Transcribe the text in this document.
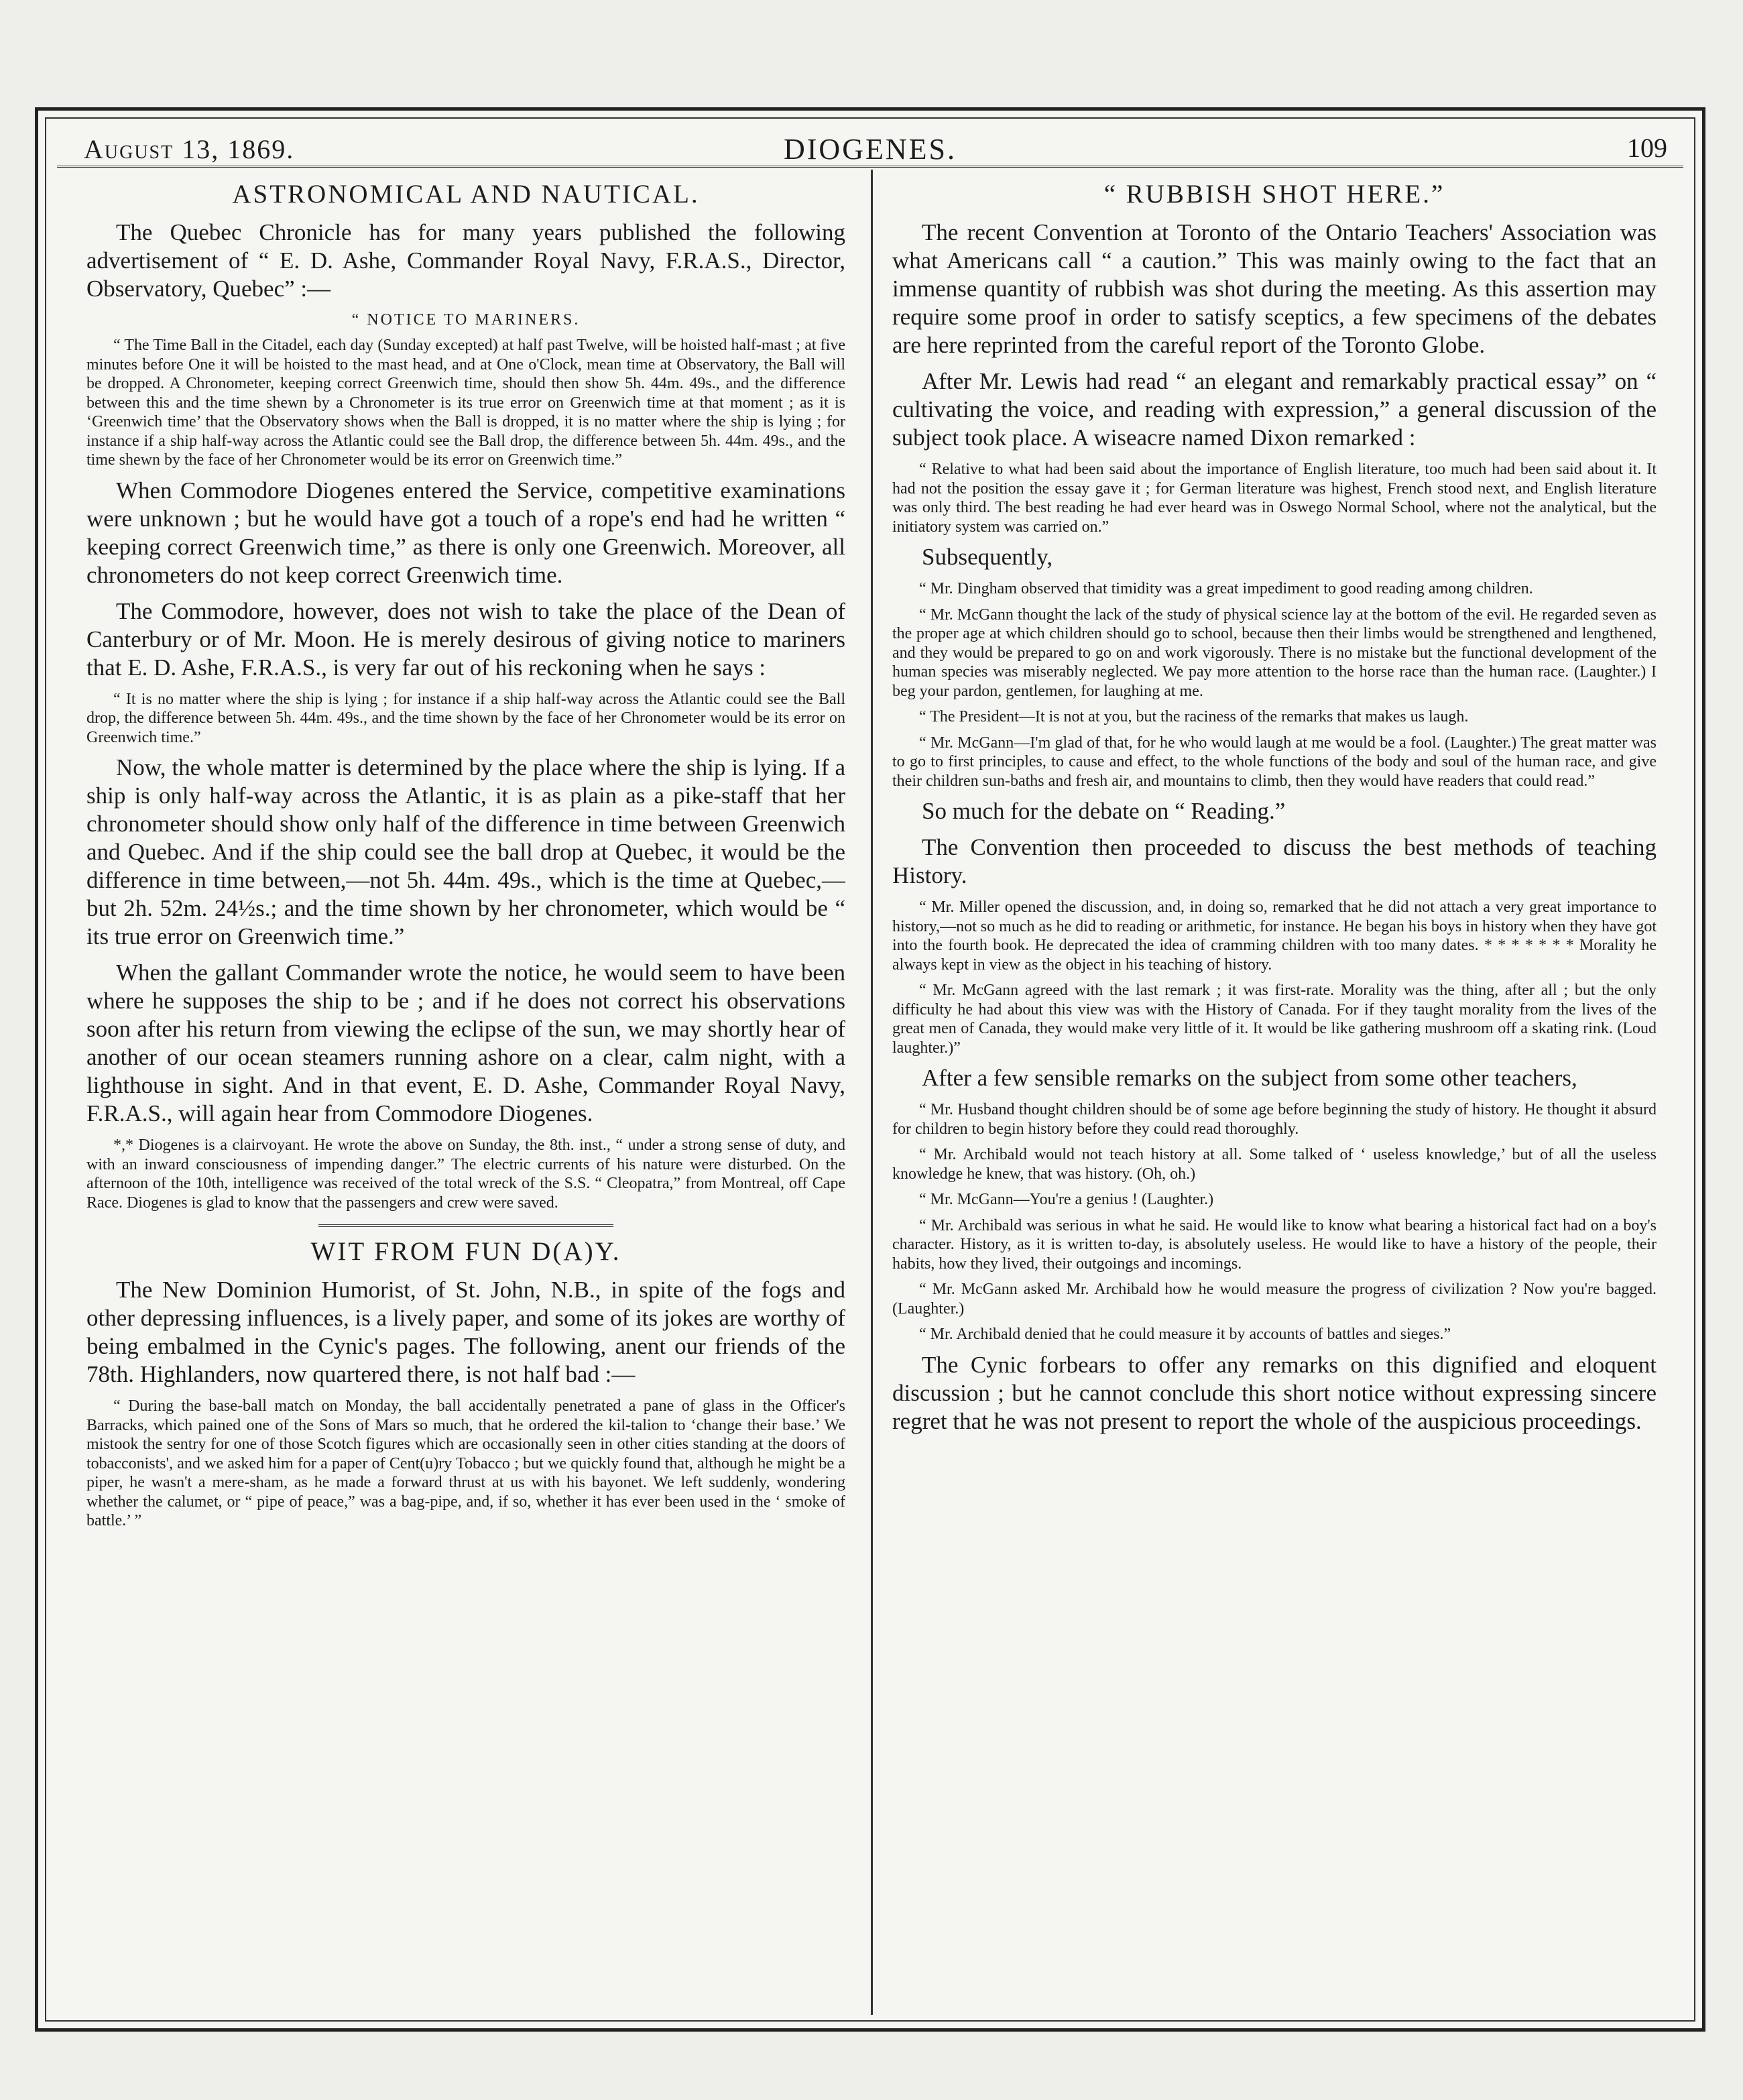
August 13, 1869.	DIOGENES.	109
ASTRONOMICAL AND NAUTICAL.

The Quebec Chronicle has for many years published the following advertisement of “ E. D. Ashe, Commander Royal Navy, F.R.A.S., Director, Observatory, Quebec” :—

“ NOTICE TO MARINERS.

“ The Time Ball in the Citadel, each day (Sunday excepted) at half past Twelve, will be hoisted half-mast ; at five minutes before One it will be hoisted to the mast head, and at One o'Clock, mean time at Observatory, the Ball will be dropped. A Chronometer, keeping correct Greenwich time, should then show 5h. 44m. 49s., and the difference between this and the time shewn by a Chronometer is its true error on Greenwich time at that moment ; as it is ‘Greenwich time’ that the Observatory shows when the Ball is dropped, it is no matter where the ship is lying ; for instance if a ship half-way across the Atlantic could see the Ball drop, the difference between 5h. 44m. 49s., and the time shewn by the face of her Chronometer would be its error on Greenwich time.”

When Commodore Diogenes entered the Service, competitive examinations were unknown ; but he would have got a touch of a rope's end had he written “ keeping correct Greenwich time,” as there is only one Greenwich. Moreover, all chronometers do not keep correct Greenwich time.

The Commodore, however, does not wish to take the place of the Dean of Canterbury or of Mr. Moon. He is merely desirous of giving notice to mariners that E. D. Ashe, F.R.A.S., is very far out of his reckoning when he says :

“ It is no matter where the ship is lying ; for instance if a ship half-way across the Atlantic could see the Ball drop, the difference between 5h. 44m. 49s., and the time shown by the face of her Chronometer would be its error on Greenwich time.”

Now, the whole matter is determined by the place where the ship is lying. If a ship is only half-way across the Atlantic, it is as plain as a pike-staff that her chronometer should show only half of the difference in time between Greenwich and Quebec. And if the ship could see the ball drop at Quebec, it would be the difference in time between,—not 5h. 44m. 49s., which is the time at Quebec,—but 2h. 52m. 24½s.; and the time shown by her chronometer, which would be “ its true error on Greenwich time.”

When the gallant Commander wrote the notice, he would seem to have been where he supposes the ship to be ; and if he does not correct his observations soon after his return from viewing the eclipse of the sun, we may shortly hear of another of our ocean steamers running ashore on a clear, calm night, with a lighthouse in sight. And in that event, E. D. Ashe, Commander Royal Navy, F.R.A.S., will again hear from Commodore Diogenes.

*,* Diogenes is a clairvoyant. He wrote the above on Sunday, the 8th. inst., “ under a strong sense of duty, and with an inward consciousness of impending danger.” The electric currents of his nature were disturbed. On the afternoon of the 10th, intelligence was received of the total wreck of the S.S. “ Cleopatra,” from Montreal, off Cape Race. Diogenes is glad to know that the passengers and crew were saved.

WIT FROM FUN D(A)Y.

The New Dominion Humorist, of St. John, N.B., in spite of the fogs and other depressing influences, is a lively paper, and some of its jokes are worthy of being embalmed in the Cynic's pages. The following, anent our friends of the 78th. Highlanders, now quartered there, is not half bad :—

“ During the base-ball match on Monday, the ball accidentally penetrated a pane of glass in the Officer's Barracks, which pained one of the Sons of Mars so much, that he ordered the kil-talion to ‘change their base.’ We mistook the sentry for one of those Scotch figures which are occasionally seen in other cities standing at the doors of tobacconists', and we asked him for a paper of Cent(u)ry Tobacco ; but we quickly found that, although he might be a piper, he wasn't a mere-sham, as he made a forward thrust at us with his bayonet. We left suddenly, wondering whether the calumet, or “ pipe of peace,” was a bag-pipe, and, if so, whether it has ever been used in the ‘ smoke of battle.’ ”

“ RUBBISH SHOT HERE.”

The recent Convention at Toronto of the Ontario Teachers' Association was what Americans call “ a caution.” This was mainly owing to the fact that an immense quantity of rubbish was shot during the meeting. As this assertion may require some proof in order to satisfy sceptics, a few specimens of the debates are here reprinted from the careful report of the Toronto Globe.

After Mr. Lewis had read “ an elegant and remarkably practical essay” on “ cultivating the voice, and reading with expression,” a general discussion of the subject took place. A wiseacre named Dixon remarked :

“ Relative to what had been said about the importance of English literature, too much had been said about it. It had not the position the essay gave it ; for German literature was highest, French stood next, and English literature was only third. The best reading he had ever heard was in Oswego Normal School, where not the analytical, but the initiatory system was carried on.”

Subsequently,

“ Mr. Dingham observed that timidity was a great impediment to good reading among children.

“ Mr. McGann thought the lack of the study of physical science lay at the bottom of the evil. He regarded seven as the proper age at which children should go to school, because then their limbs would be strengthened and lengthened, and they would be prepared to go on and work vigorously. There is no mistake but the functional development of the human species was miserably neglected. We pay more attention to the horse race than the human race. (Laughter.) I beg your pardon, gentlemen, for laughing at me.

“ The President—It is not at you, but the raciness of the remarks that makes us laugh.

“ Mr. McGann—I'm glad of that, for he who would laugh at me would be a fool. (Laughter.) The great matter was to go to first principles, to cause and effect, to the whole functions of the body and soul of the human race, and give their children sun-baths and fresh air, and mountains to climb, then they would have readers that could read.”

So much for the debate on “ Reading.”

The Convention then proceeded to discuss the best methods of teaching History.

“ Mr. Miller opened the discussion, and, in doing so, remarked that he did not attach a very great importance to history,—not so much as he did to reading or arithmetic, for instance. He began his boys in history when they have got into the fourth book. He deprecated the idea of cramming children with too many dates. * * * * * * * Morality he always kept in view as the object in his teaching of history.

“ Mr. McGann agreed with the last remark ; it was first-rate. Morality was the thing, after all ; but the only difficulty he had about this view was with the History of Canada. For if they taught morality from the lives of the great men of Canada, they would make very little of it. It would be like gathering mushroom off a skating rink. (Loud laughter.)”

After a few sensible remarks on the subject from some other teachers,

“ Mr. Husband thought children should be of some age before beginning the study of history. He thought it absurd for children to begin history before they could read thoroughly.

“ Mr. Archibald would not teach history at all. Some talked of ‘ useless knowledge,’ but of all the useless knowledge he knew, that was history. (Oh, oh.)

“ Mr. McGann—You're a genius ! (Laughter.)

“ Mr. Archibald was serious in what he said. He would like to know what bearing a historical fact had on a boy's character. History, as it is written to-day, is absolutely useless. He would like to have a history of the people, their habits, how they lived, their outgoings and incomings.

“ Mr. McGann asked Mr. Archibald how he would measure the progress of civilization ? Now you're bagged. (Laughter.)

“ Mr. Archibald denied that he could measure it by accounts of battles and sieges.”

The Cynic forbears to offer any remarks on this dignified and eloquent discussion ; but he cannot conclude this short notice without expressing sincere regret that he was not present to report the whole of the auspicious proceedings.
